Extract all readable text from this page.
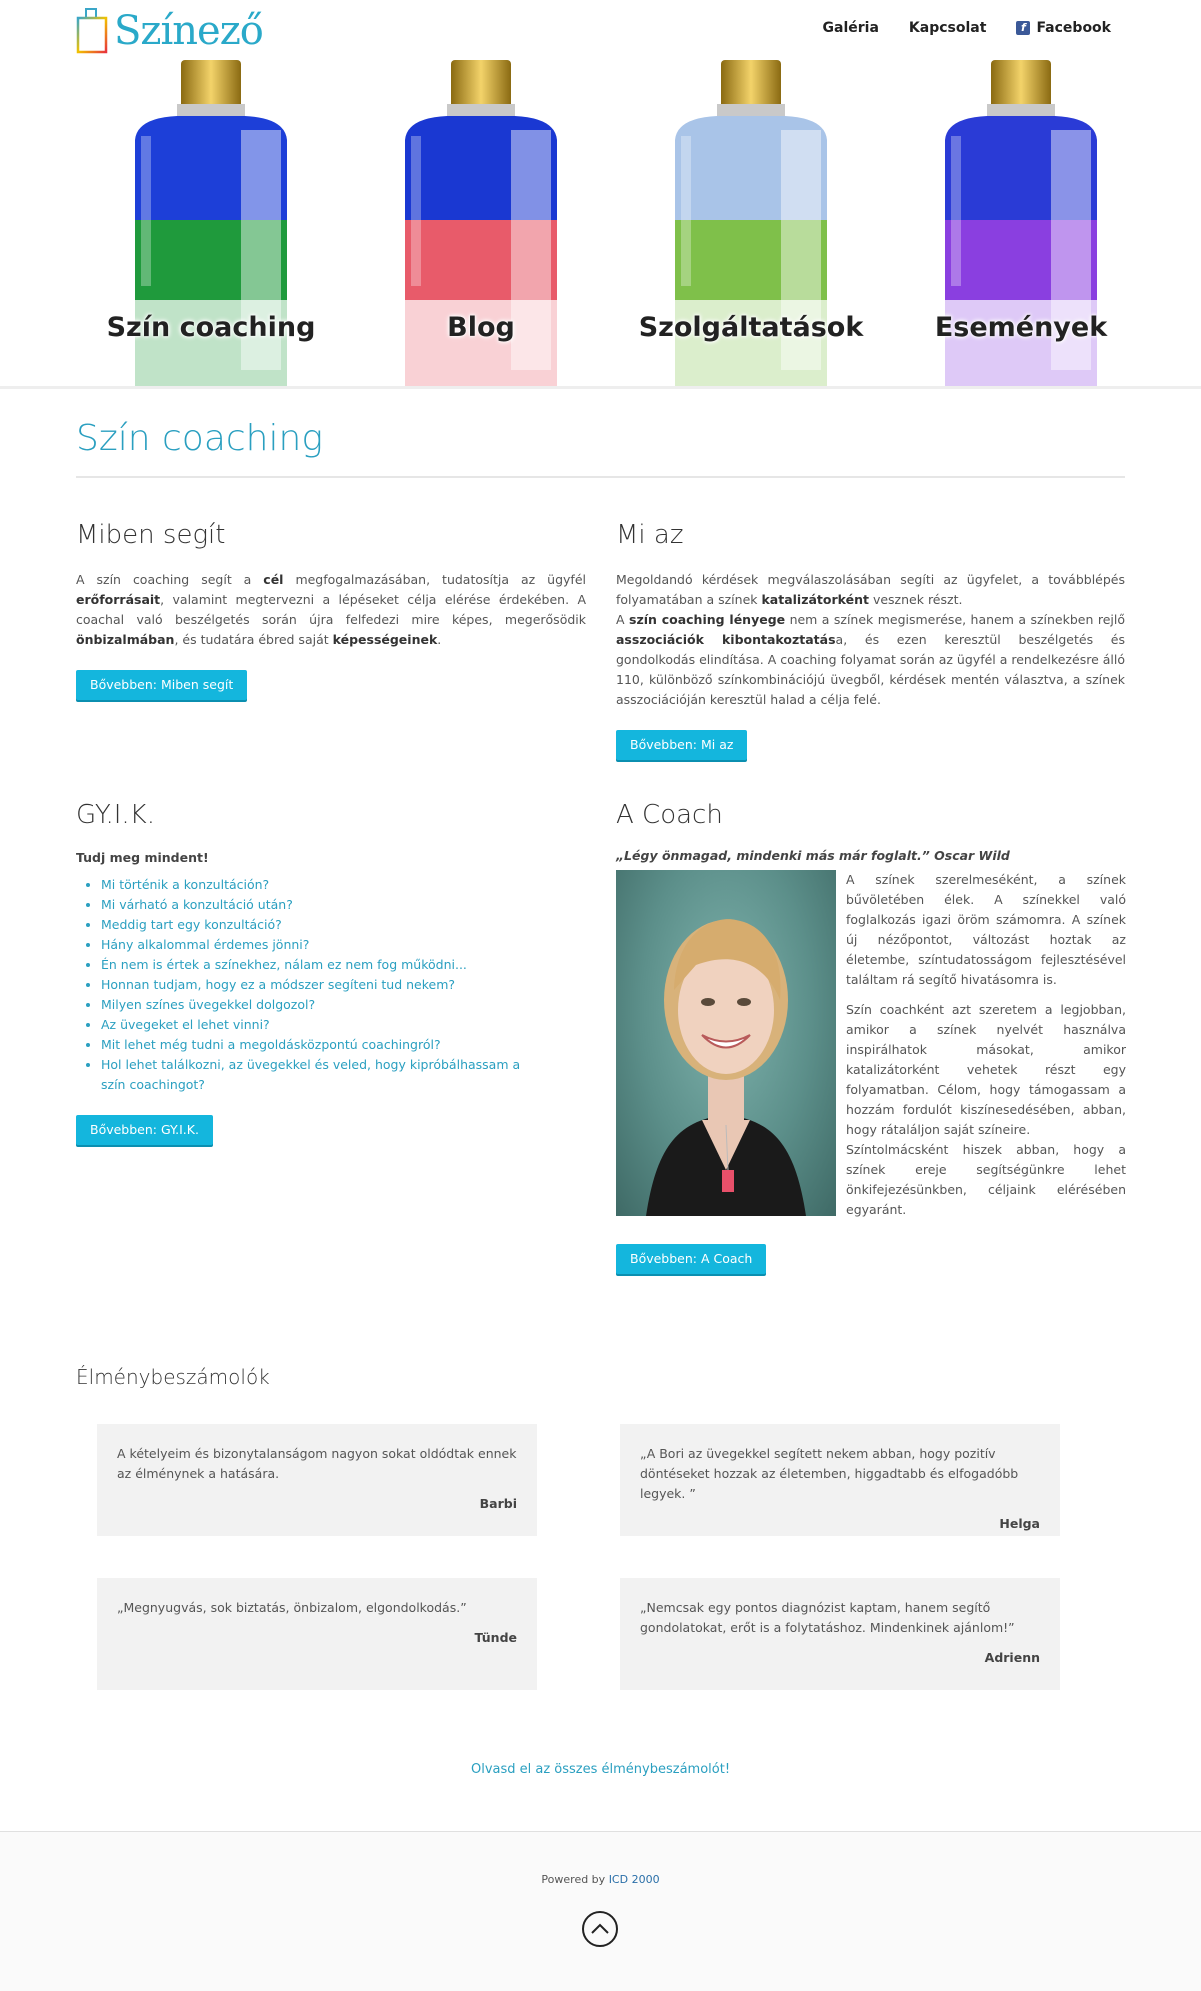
Színező	Galéria Kapcsolat	f Facebook
Szín coaching	Blog	Szolgáltatások	Események
Szín coaching
Miben segít

A szín coaching segít a cél megfogalmazásában, tudatosítja az ügyfél erőforrásait, valamint megtervezni a lépéseket célja elérése érdekében. A coachal való beszélgetés során újra felfedezi mire képes, megerősödik önbizalmában, és tudatára ébred saját képességeinek.

Bővebben: Miben segít
Mi az

Megoldandó kérdések megválaszolásában segíti az ügyfelet, a továbblépés folyamatában a színek katalizátorként vesznek részt.
A szín coaching lényege nem a színek megismerése, hanem a színekben rejlő asszociációk kibontakoztatása, és ezen keresztül beszélgetés és gondolkodás elindítása. A coaching folyamat során az ügyfél a rendelkezésre álló 110, különböző színkombinációjú üvegből, kérdések mentén választva, a színek asszociációján keresztül halad a célja felé.

Bővebben: Mi az
GY.I.K.
Tudj meg mindent!
• Mi történik a konzultáción?
• Mi várható a konzultáció után?
• Meddig tart egy konzultáció?
• Hány alkalommal érdemes jönni?
• Én nem is értek a színekhez, nálam ez nem fog működni...
• Honnan tudjam, hogy ez a módszer segíteni tud nekem?
• Milyen színes üvegekkel dolgozol?
• Az üvegeket el lehet vinni?
• Mit lehet még tudni a megoldásközpontú coachingról?
• Hol lehet találkozni, az üvegekkel és veled, hogy kipróbálhassam a szín coachingot?
Bővebben: GY.I.K.
A Coach
„Légy önmagad, mindenki más már foglalt.” Oscar Wild

A színek szerelmeséként, a színek bűvöletében élek. A színekkel való foglalkozás igazi öröm számomra. A színek új nézőpontot, változást hoztak az életembe, színtudatosságom fejlesztésével találtam rá segítő hivatásomra is.

Szín coachként azt szeretem a legjobban, amikor a színek nyelvét használva inspirálhatok másokat, amikor katalizátorként vehetek részt egy folyamatban. Célom, hogy támogassam a hozzám fordulót kiszínesedésében, abban, hogy rátaláljon saját színeire.

Színtolmácsként hiszek abban, hogy a színek ereje segítségünkre lehet önkifejezésünkben, céljaink elérésében egyaránt.

Bővebben: A Coach
Élménybeszámolók
A kételyeim és bizonytalanságom nagyon sokat oldódtak ennek az élménynek a hatására.
Barbi
„A Bori az üvegekkel segített nekem abban, hogy pozitív döntéseket hozzak az életemben, higgadtabb és elfogadóbb legyek. ”
Helga
„Megnyugvás, sok biztatás, önbizalom, elgondolkodás.”
Tünde
„Nemcsak egy pontos diagnózist kaptam, hanem segítő gondolatokat, erőt is a folytatáshoz. Mindenkinek ajánlom!”
Adrienn
Olvasd el az összes élménybeszámolót!
Powered by ICD 2000
